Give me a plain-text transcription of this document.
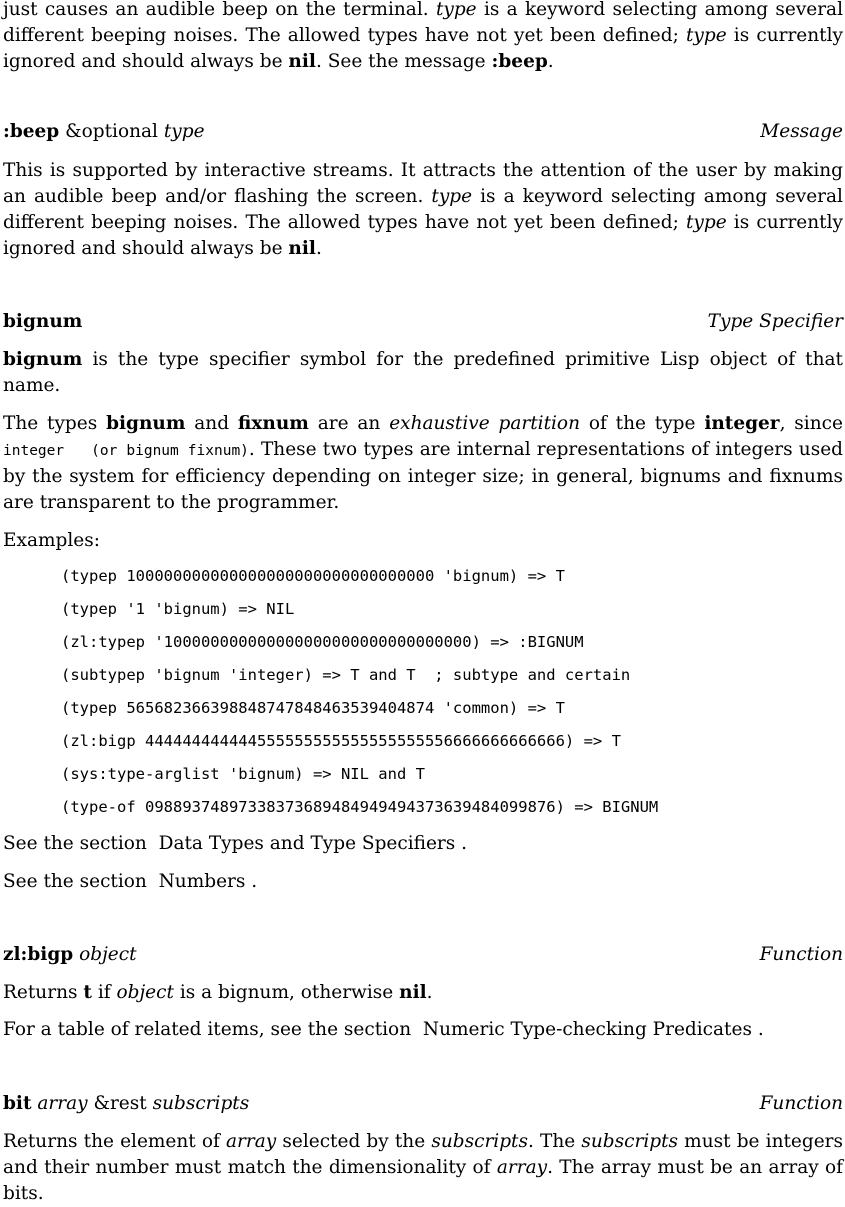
just causes an audible beep on the terminal. type is a keyword selecting among several different beeping noises. The allowed types have not yet been defined; type is currently ignored and should always be nil. See the message :beep.

:beep &optional type	Message

This is supported by interactive streams. It attracts the attention of the user by making an audible beep and/or flashing the screen. type is a keyword selecting among several different beeping noises. The allowed types have not yet been defined; type is currently ignored and should always be nil.

bignum	Type Specifier

bignum is the type specifier symbol for the predefined primitive Lisp object of that name.

The types bignum and fixnum are an exhaustive partition of the type integer, since integer   (or bignum fixnum). These two types are internal representations of integers used by the system for efficiency depending on integer size; in general, bignums and fixnums are transparent to the programmer.

Examples:

(typep 100000000000000000000000000000000 'bignum) => T

(typep '1 'bignum) => NIL

(zl:typep '100000000000000000000000000000000) => :BIGNUM

(subtypep 'bignum 'integer) => T and T  ; subtype and certain

(typep 565682366398848747848463539404874 'common) => T

(zl:bigp 444444444444555555555555555555556666666666666) => T

(sys:type-arglist 'bignum) => NIL and T

(type-of 098893748973383736894849494943736394840998​76) => BIGNUM

See the section Data Types and Type Specifiers .

See the section Numbers .

zl:bigp object	Function

Returns t if object is a bignum, otherwise nil.

For a table of related items, see the section Numeric Type-checking Predicates .

bit array &rest subscripts	Function

Returns the element of array selected by the subscripts. The subscripts must be integers and their number must match the dimensionality of array. The array must be an array of bits.
